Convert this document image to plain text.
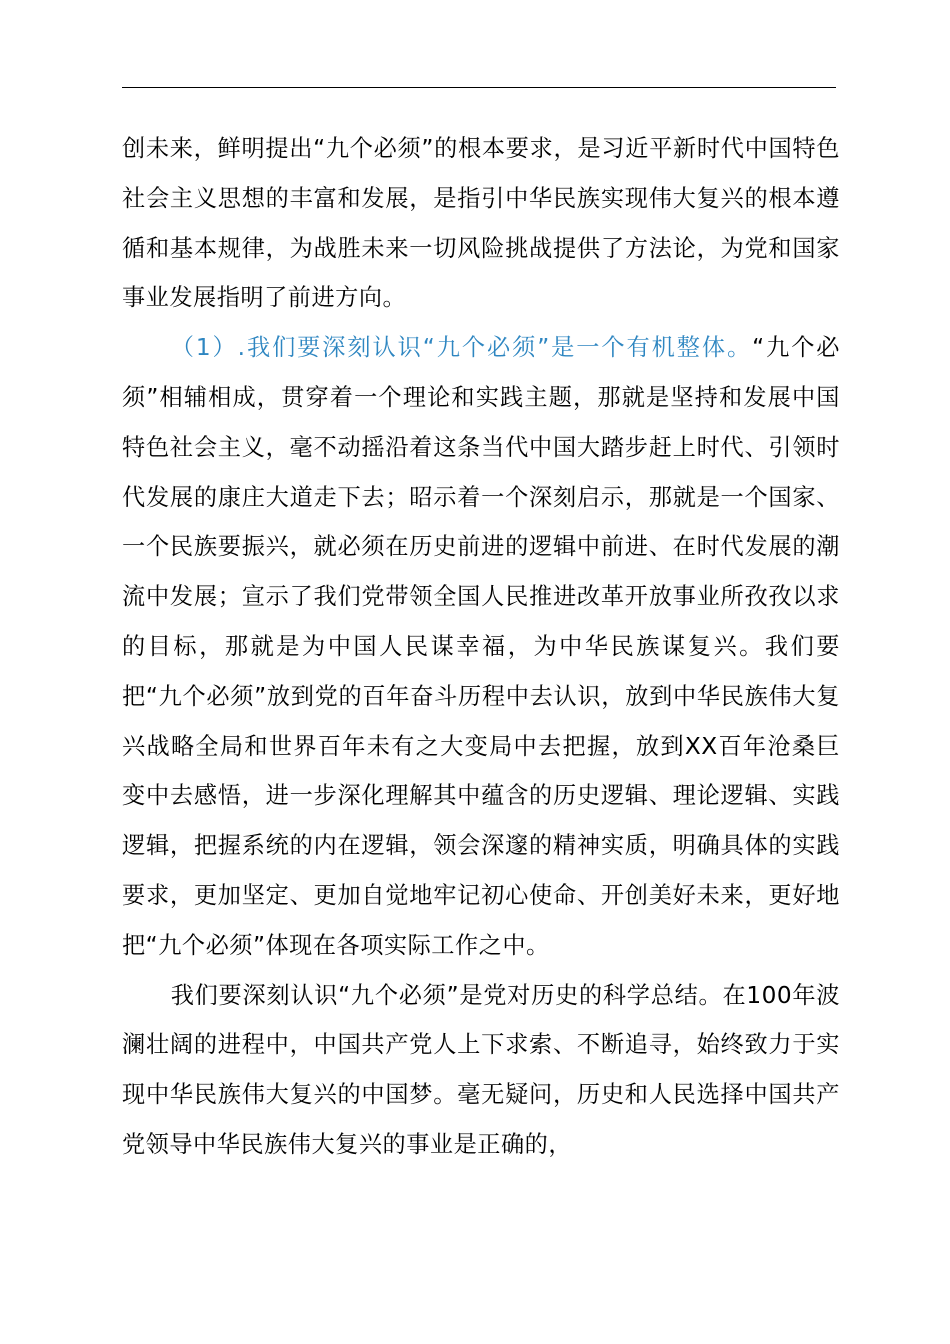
创未来，鲜明提出“九个必须”的根本要求，是习近平新时代中国特色社会主义思想的丰富和发展，是指引中华民族实现伟大复兴的根本遵循和基本规律，为战胜未来一切风险挑战提供了方法论，为党和国家事业发展指明了前进方向。

（1）.我们要深刻认识“九个必须”是一个有机整体。“九个必须”相辅相成，贯穿着一个理论和实践主题，那就是坚持和发展中国特色社会主义，毫不动摇沿着这条当代中国大踏步赶上时代、引领时代发展的康庄大道走下去；昭示着一个深刻启示，那就是一个国家、一个民族要振兴，就必须在历史前进的逻辑中前进、在时代发展的潮流中发展；宣示了我们党带领全国人民推进改革开放事业所孜孜以求的目标，那就是为中国人民谋幸福，为中华民族谋复兴。我们要把“九个必须”放到党的百年奋斗历程中去认识，放到中华民族伟大复兴战略全局和世界百年未有之大变局中去把握，放到XX百年沧桑巨变中去感悟，进一步深化理解其中蕴含的历史逻辑、理论逻辑、实践逻辑，把握系统的内在逻辑，领会深邃的精神实质，明确具体的实践要求，更加坚定、更加自觉地牢记初心使命、开创美好未来，更好地把“九个必须”体现在各项实际工作之中。

我们要深刻认识“九个必须”是党对历史的科学总结。在100年波澜壮阔的进程中，中国共产党人上下求索、不断追寻，始终致力于实现中华民族伟大复兴的中国梦。毫无疑问，历史和人民选择中国共产党领导中华民族伟大复兴的事业是正确的，
